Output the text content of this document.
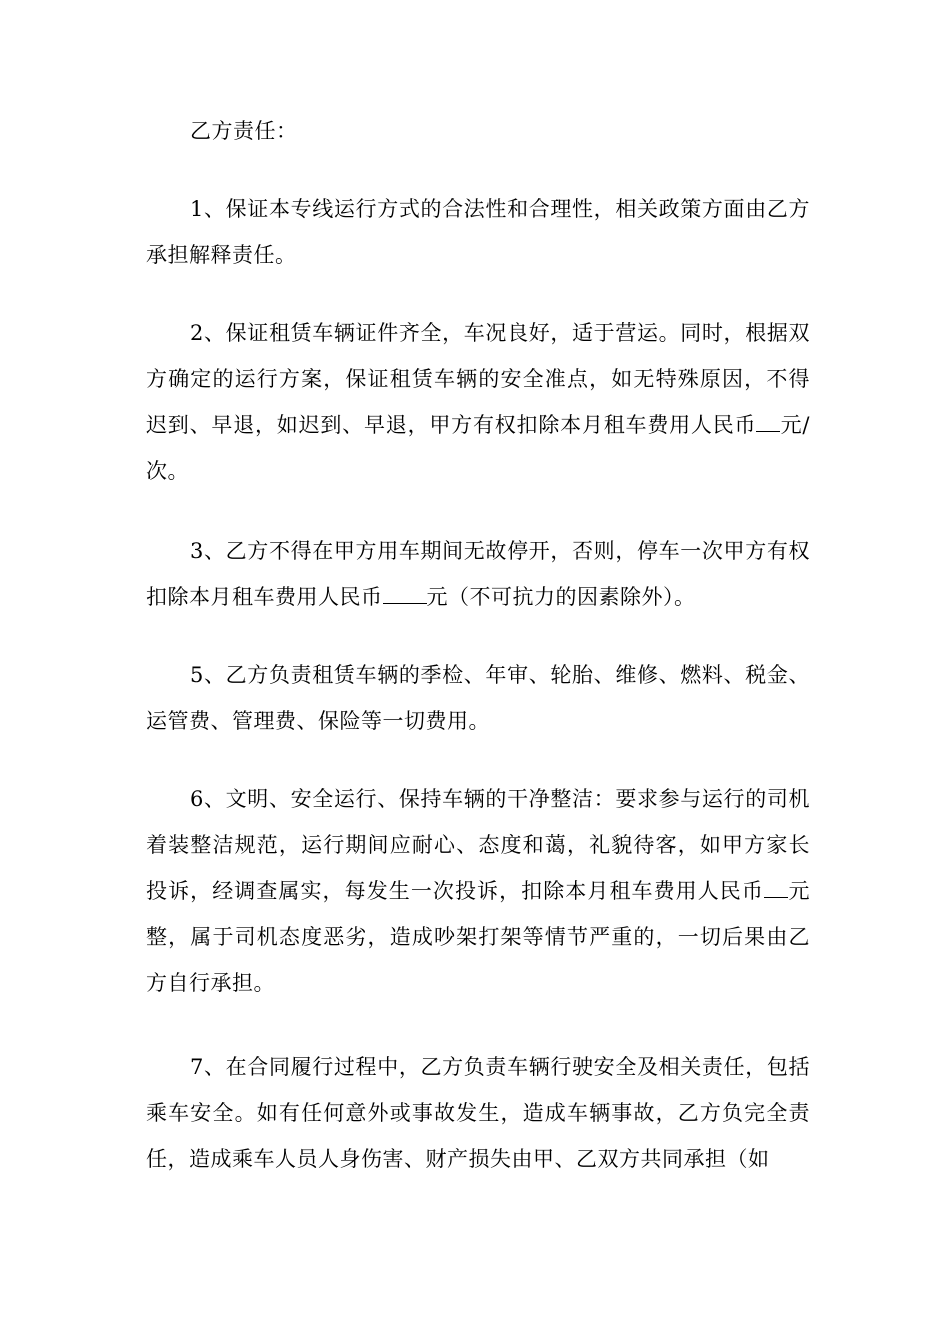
乙方责任：

1、保证本专线运行方式的合法性和合理性，相关政策方面由乙方承担解释责任。

2、保证租赁车辆证件齐全，车况良好，适于营运。同时，根据双方确定的运行方案，保证租赁车辆的安全准点，如无特殊原因，不得迟到、早退，如迟到、早退，甲方有权扣除本月租车费用人民币 元/次。

3、乙方不得在甲方用车期间无故停开，否则，停车一次甲方有权扣除本月租车费用人民币 元（不可抗力的因素除外）。

5、乙方负责租赁车辆的季检、年审、轮胎、维修、燃料、税金、运管费、管理费、保险等一切费用。

6、文明、安全运行、保持车辆的干净整洁：要求参与运行的司机着装整洁规范，运行期间应耐心、态度和蔼，礼貌待客，如甲方家长投诉，经调查属实，每发生一次投诉，扣除本月租车费用人民币 元整，属于司机态度恶劣，造成吵架打架等情节严重的，一切后果由乙方自行承担。

7、在合同履行过程中，乙方负责车辆行驶安全及相关责任，包括乘车安全。如有任何意外或事故发生，造成车辆事故，乙方负完全责任，造成乘车人员人身伤害、财产损失由甲、乙双方共同承担（如
